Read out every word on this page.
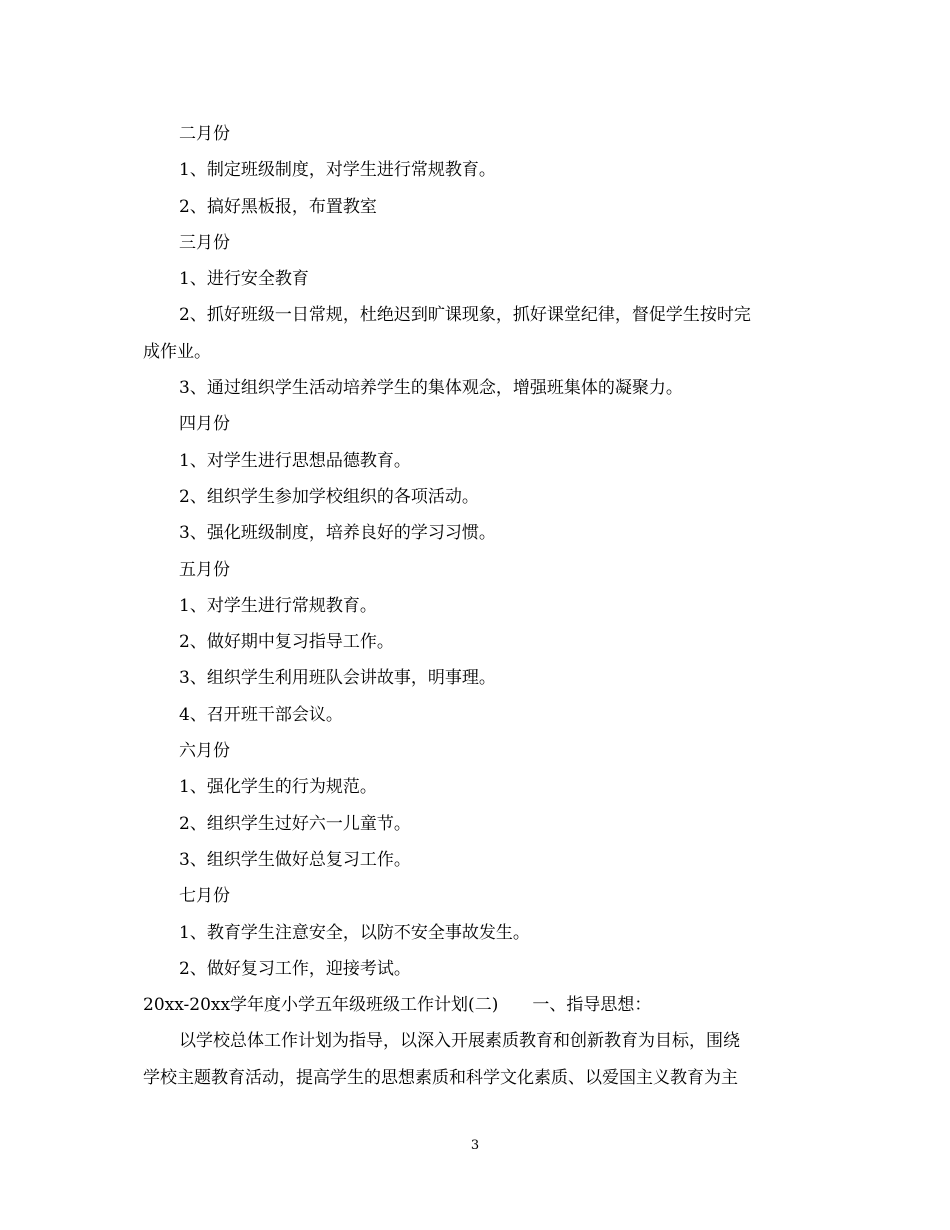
二月份
1、制定班级制度，对学生进行常规教育。
2、搞好黑板报，布置教室
三月份
1、进行安全教育
2、抓好班级一日常规，杜绝迟到旷课现象，抓好课堂纪律，督促学生按时完
成作业。
3、通过组织学生活动培养学生的集体观念，增强班集体的凝聚力。
四月份
1、对学生进行思想品德教育。
2、组织学生参加学校组织的各项活动。
3、强化班级制度，培养良好的学习习惯。
五月份
1、对学生进行常规教育。
2、做好期中复习指导工作。
3、组织学生利用班队会讲故事，明事理。
4、召开班干部会议。
六月份
1、强化学生的行为规范。
2、组织学生过好六一儿童节。
3、组织学生做好总复习工作。
七月份
1、教育学生注意安全，以防不安全事故发生。
2、做好复习工作，迎接考试。
20xx-20xx学年度小学五年级班级工作计划(二)　　一、指导思想：
以学校总体工作计划为指导，以深入开展素质教育和创新教育为目标，围绕
学校主题教育活动，提高学生的思想素质和科学文化素质、以爱国主义教育为主
3
